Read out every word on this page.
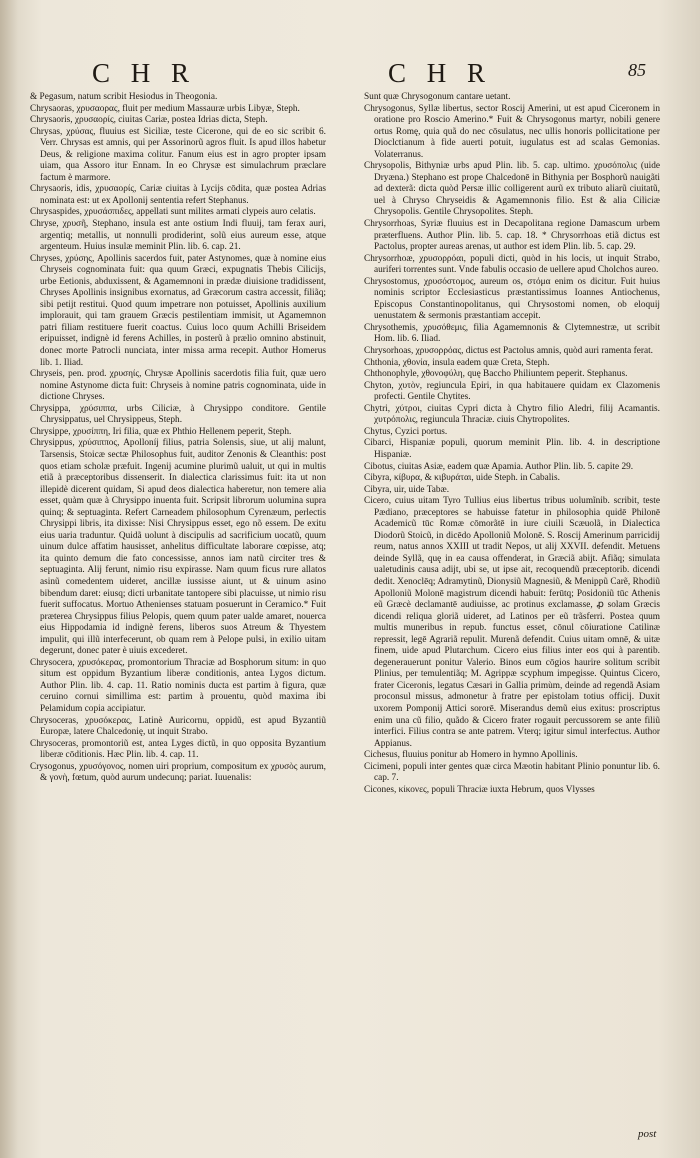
C H R	C H R	85

& Pegasum, natum scribit Hesiodus in Theogonia.

Chrysaoras, χρυσαορας, fluit per medium Massauræ urbis Libyæ, Steph.

Chrysaoris, χρυσαορίς, ciuitas Cariæ, postea Idrias dicta, Steph.

Chrysas, χρύσας, fluuius est Siciliæ, teste Cicerone, qui de eo sic scribit 6. Verr. Chrysas est amnis, qui per Assorinorũ agros fluit. Is apud illos habetur Deus, & religione maxima colitur. Fanum eius est in agro propter ipsam uiam, qua Assoro itur Ennam. In eo Chrysæ est simulachrum præclare factum è marmore.

Chrysaoris, idis, χρυσαορίς, Cariæ ciuitas à Lycijs cōdita, quæ postea Adrias nominata est: ut ex Apollonij sententia refert Stephanus.

Chrysaspides, χρυσάσπιδες, appellati sunt milites armati clypeis auro celatis.

Chryse, χρυσῆ, Stephano, insula est ante ostium Indi fluuij, tam ferax auri, argentiq; metallis, ut nonnulli prodiderint, solũ eius aureum esse, atque argenteum. Huius insulæ meminit Plin. lib. 6. cap. 21.

Chryses, χρύσης, Apollinis sacerdos fuit, pater Astynomes, quæ à nomine eius Chryseis cognominata fuit: qua quum Græci, expugnatis Thebis Cilicijs, urbe Eetionis, abduxissent, & Agamemnoni in prædæ diuisione tradidissent, Chryses Apollinis insignibus exornatus, ad Græcorum castra accessit, filiãq; sibi petijt restitui. Quod quum impetrare non potuisset, Apollinis auxilium implorauit, qui tam grauem Græcis pestilentiam immisit, ut Agamemnon patri filiam restituere fuerit coactus. Cuius loco quum Achilli Briseidem eripuisset, indignè id ferens Achilles, in posterũ à prælio omnino abstinuit, donec morte Patrocli nunciata, inter missa arma recepit. Author Homerus lib. 1. Iliad.

Chryseis, pen. prod. χρυσηίς, Chrysæ Apollinis sacerdotis filia fuit, quæ uero nomine Astynome dicta fuit: Chryseis à nomine patris cognominata, uide in dictione Chryses.

Chrysippa, χρύσιππα, urbs Ciliciæ, à Chrysippo conditore. Gentile Chrysippatus, uel Chrysippeus, Steph.

Chrysippe, χρυσίππη, Iri filia, quæ ex Phthio Hellenem peperit, Steph.

Chrysippus, χρύσιππος, Apolloníj filius, patria Solensis, siue, ut alij malunt, Tarsensis, Stoicæ sectæ Philosophus fuit, auditor Zenonis & Cleanthis: post quos etiam scholæ præfuit. Ingenij acumine plurimũ ualuit, ut qui in multis etiã à præceptoribus dissenserit. In dialectica clarissimus fuit: ita ut non illepidè dicerent quidam, Si apud deos dialectica haberetur, non temere alia esset, quàm quæ à Chrysippo inuenta fuit. Scripsit librorum uolumina supra quinq; & septuaginta. Refert Carneadem philosophum Cyrenæum, perlectis Chrysippi libris, ita dixisse: Nisi Chrysippus esset, ego nõ essem. De exitu eius uaria traduntur. Quidã uolunt à discipulis ad sacrificium uocatũ, quum uinum dulce affatim hausisset, anhelitus difficultate laborare cœpisse, atq; ita quinto demum die fato concessisse, annos iam natũ circiter tres & septuaginta. Alij ferunt, nimio risu expirasse. Nam quum ficus rure allatos asinũ comedentem uideret, ancillæ iussisse aiunt, ut & uinum asino bibendum daret: eiusq; dicti urbanitate tantopere sibi placuisse, ut nimio risu fuerit suffocatus. Mortuo Athenienses statuam posuerunt in Ceramico.* Fuit præterea Chrysippus filius Pelopis, quem quum pater ualde amaret, nouerca eius Hippodamia id indignè ferens, liberos suos Atreum & Thyestem impulit, qui illũ interfecerunt, ob quam rem à Pelope pulsi, in exilio uitam degerunt, donec pater è uiuis excederet.

Chrysocera, χρυσόκερας, promontorium Thraciæ ad Bosphorum situm: in quo situm est oppidum Byzantium liberæ conditionis, antea Lygos dictum. Author Plin. lib. 4. cap. 11. Ratio nominis ducta est partim à figura, quæ ceruino cornui simillima est: partim à prouentu, quòd maxima ibi Pelamidum copia accipiatur.

Chrysoceras, χρυσόκερας, Latinè Auricornu, oppidũ, est apud Byzantiũ Europæ, latere Chalcedonię, ut inquit Strabo.

Chrysoceras, promontoriũ est, antea Lyges dictũ, in quo opposita Byzantium liberæ cōditionis. Hæc Plin. lib. 4. cap. 11.

Crysogonus, χρυσόγονος, nomen uiri proprium, compositum ex χρυσὸς aurum, & γονὴ, fœtum, quòd aurum undecunq; pariat. Iuuenalis:

Sunt quæ Chrysogonum cantare uetant.

Chrysogonus, Syllæ libertus, sector Roscij Amerini, ut est apud Ciceronem in oratione pro Roscio Amerino.* Fuit & Chrysogonus martyr, nobili genere ortus Romę, quia quã do nec cōsulatus, nec ullis honoris pollicitatione per Dioclctianum à fide auerti potuit, iugulatus est ad scalas Gemonias. Volaterranus.

Chrysopolis, Bithyniæ urbs apud Plin. lib. 5. cap. ultimo. χρυσόπολις (uide Dryæna.) Stephano est prope Chalcedonē in Bithynia per Bosphorũ nauigãti ad dexterã: dicta quòd Persæ illic colligerent aurũ ex tributo aliarũ ciuitatũ, uel à Chryso Chryseidis & Agamemnonis filio. Est & alia Ciliciæ Chrysopolis. Gentile Chrysopolites. Steph.

Chrysorrhoas, Syriæ fluuius est in Decapolitana regione Damascum urbem præterfluens. Author Plin. lib. 5. cap. 18. * Chrysorrhoas etiã dictus est Pactolus, propter aureas arenas, ut author est idem Plin. lib. 5. cap. 29.

Chrysorrhoæ, χρυσορρόαι, populi dicti, quòd in his locis, ut inquit Strabo, auriferi torrentes sunt. Vnde fabulis occasio de uellere apud Cholchos aureo.

Chrysostomus, χρυσόστομος, aureum os, στόμα enim os dicitur. Fuit huius nominis scriptor Ecclesiasticus præstantissimus Ioannes Antiochenus, Episcopus Constantinopolitanus, qui Chrysostomi nomen, ob eloquij uenustatem & sermonis præstantiam accepit.

Chrysothemis, χρυσόθεμις, filia Agamemnonis & Clytemnestræ, ut scribit Hom. lib. 6. Iliad.

Chrysorhoas, χρυσορρόας, dictus est Pactolus amnis, quòd auri ramenta ferat.

Chthonia, χθονία, insula eadem quæ Creta, Steph.

Chthonophyle, χθονοφύλη, quę Baccho Philiuntem peperit. Stephanus.

Chyton, χυτὸν, regiuncula Epiri, in qua habitauere quidam ex Clazomenis profecti. Gentile Chytites.

Chytri, χύτροι, ciuitas Cypri dicta à Chytro filio Aledri, filij Acamantis. χυτρόπολις, regiuncula Thraciæ. ciuis Chytropolites.

Chytus, Cyzici portus.

Cibarci, Hispaniæ populi, quorum meminit Plin. lib. 4. in descriptione Hispaniæ.

Cibotus, ciuitas Asiæ, eadem quæ Apamia. Author Plin. lib. 5. capite 29.

Cibyra, κίβυρα, & κιβυράται, uide Steph. in Cabalis.

Cibyra, uir, uide Tabæ.

Cicero, cuius uitam Tyro Tullius eius libertus tribus uolumĩnib. scribit, teste Pædiano, præceptores se habuisse fatetur in philosophia quidē Philonē Academicũ tūc Romæ cōmorãtē in iure ciuili Scæuolã, in Dialectica Diodorũ Stoicũ, in dicēdo Apolloniũ Molonē. S. Roscij Amerinum parricidij reum, natus annos XXIII ut tradit Nepos, ut alij XXVII. defendit. Metuens deinde Syllã, quę in ea causa offenderat, in Græciã abijt. Afiãq; simulata ualetudinis causa adijt, ubi se, ut ipse ait, recoquendũ præceptorib. dicendi dedit. Xenoclēq; Adramytinũ, Dionysiũ Magnesiũ, & Menippũ Carẽ, Rhodiũ Apolloniũ Molonē magistrum dicendi habuit: ferūtq; Posidoniũ tūc Athenis eũ Græcè declamantē audiuisse, ac protinus exclamasse, ꝓ solam Græcis dicendi reliqua gloriã uideret, ad Latinos per eũ trãsferri. Postea quum multis muneribus in repub. functus esset, cōnul cōiuratione Catilinæ repressit, legē Agrariã repulit. Murenã defendit. Cuius uitam omnē, & uitæ finem, uide apud Plutarchum. Cicero eius filius inter eos qui à parentib. degenerauerunt ponitur Valerio. Binos eum cōgios haurire solitum scribit Plinius, per temulentiãq; M. Agrippæ scyphum impegisse. Quintus Cicero, frater Ciceronis, legatus Cæsari in Gallia primùm, deinde ad regendã Asiam proconsul missus, admonetur à fratre per epistolam totius officij. Duxit uxorem Pomponij Attici sororē. Miserandus demũ eius exitus: proscriptus enim una cũ filio, quãdo & Cicero frater rogauit percussorem se ante filiũ interfici. Filius contra se ante patrem. Vterq; igitur simul interfectus. Author Appianus.

Cichesus, fluuius ponitur ab Homero in hymno Apollinis.

Cicimeni, populi inter gentes quæ circa Mæotin habitant Plinio ponuntur lib. 6. cap. 7.

Cicones, κίκονες, populi Thraciæ iuxta Hebrum, quos Vlysses

post
